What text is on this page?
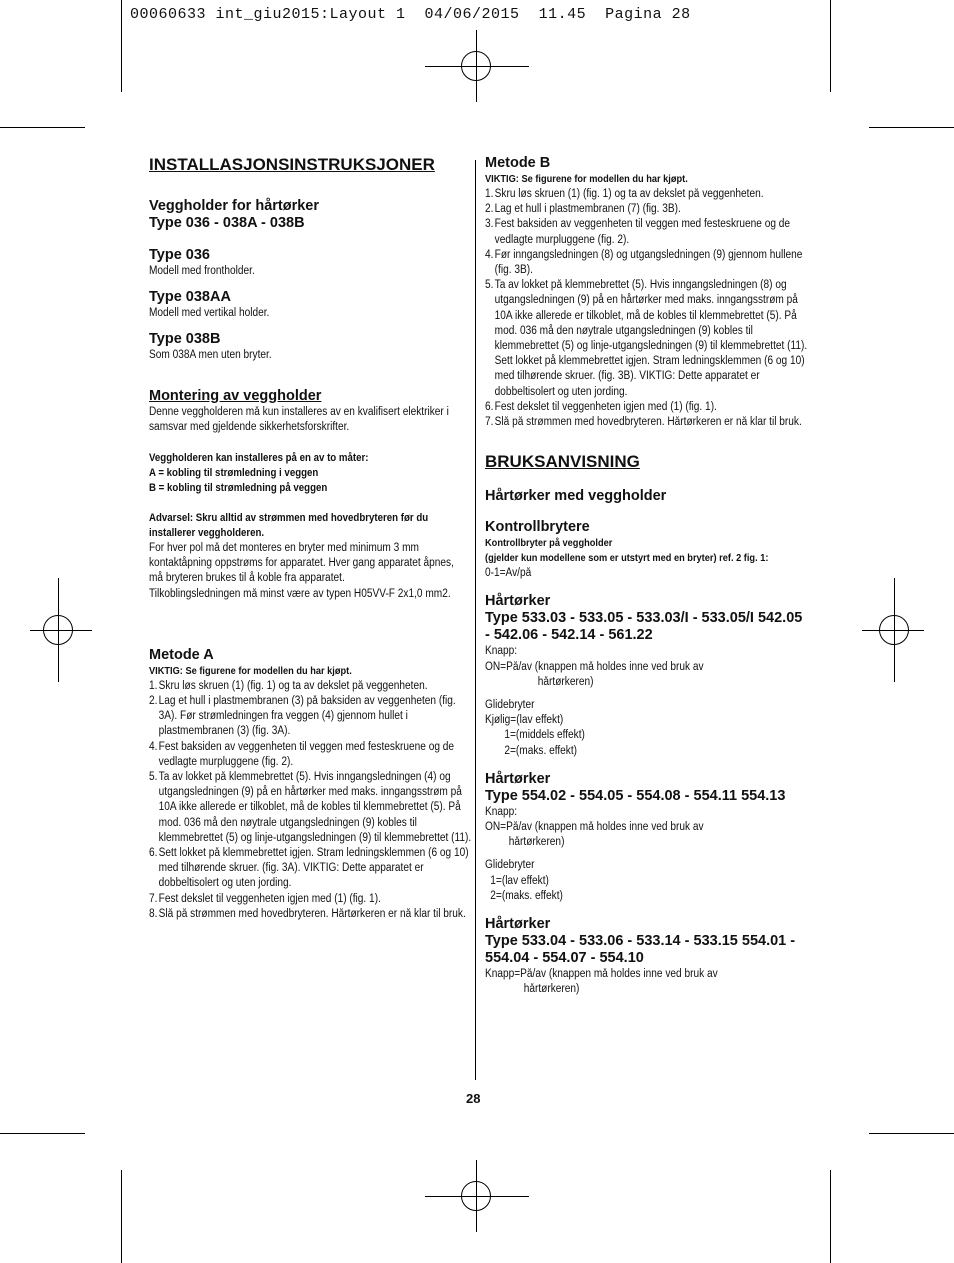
00060633 int_giu2015:Layout 1  04/06/2015  11.45  Pagina 28

INSTALLASJONSINSTRUKSJONER

Veggholder for hårtørker

Type 036 - 038A - 038B

Type 036

Modell med frontholder.

Type 038AA

Modell med vertikal holder.

Type 038B

Som 038A men uten bryter.

Montering av veggholder

Denne veggholderen må kun installeres av en kvalifisert elektriker i samsvar med gjeldende sikkerhetsforskrifter.

Veggholderen kan installeres på en av to måter:

A = kobling til strømledning i veggen

B = kobling til strømledning på veggen

Advarsel: Skru alltid av strømmen med hovedbryteren før du installerer veggholderen.

For hver pol må det monteres en bryter med minimum 3 mm kontaktåpning oppstrøms for apparatet. Hver gang apparatet åpnes, må bryteren brukes til å koble fra apparatet.

Tilkoblingsledningen må minst være av typen H05VV-F 2x1,0 mm2.

Metode A

VIKTIG: Se figurene for modellen du har kjøpt.

1. Skru løs skruen (1) (fig. 1) og ta av dekslet på veggenheten.
2. Lag et hull i plastmembranen (3) på baksiden av veggenheten (fig. 3A). Før strømledningen fra veggen (4) gjennom hullet i plastmembranen (3) (fig. 3A).
4. Fest baksiden av veggenheten til veggen med festeskruene og de vedlagte murpluggene (fig. 2).
5. Ta av lokket på klemmebrettet (5). Hvis inngangsledningen (4) og utgangsledningen (9) på en hårtørker med maks. inngangsstrøm på 10A ikke allerede er tilkoblet, må de kobles til klemmebrettet (5). På mod. 036 må den nøytrale utgangsledningen (9) kobles til klemmebrettet (5) og linje-utgangsledningen (9) til klemmebrettet (11).
6. Sett lokket på klemmebrettet igjen. Stram ledningsklemmen (6 og 10) med tilhørende skruer. (fig. 3A). VIKTIG: Dette apparatet er dobbeltisolert og uten jording.
7. Fest dekslet til veggenheten igjen med (1) (fig. 1).
8. Slå på strømmen med hovedbryteren. Hårtørkeren er nå klar til bruk.

Metode B

VIKTIG: Se figurene for modellen du har kjøpt.

1. Skru løs skruen (1) (fig. 1) og ta av dekslet på veggenheten.
2. Lag et hull i plastmembranen (7) (fig. 3B).
3. Fest baksiden av veggenheten til veggen med festeskruene og de vedlagte murpluggene (fig. 2).
4. Før inngangsledningen (8) og utgangsledningen (9) gjennom hullene (fig. 3B).
5. Ta av lokket på klemmebrettet (5). Hvis inngangsledningen (8) og utgangsledningen (9) på en hårtørker med maks. inngangsstrøm på 10A ikke allerede er tilkoblet, må de kobles til klemmebrettet (5). På mod. 036 må den nøytrale utgangsledningen (9) kobles til klemmebrettet (5) og linje-utgangsledningen (9) til klemmebrettet (11). Sett lokket på klemmebrettet igjen. Stram ledningsklemmen (6 og 10) med tilhørende skruer. (fig. 3B). VIKTIG: Dette apparatet er dobbeltisolert og uten jording.
6. Fest dekslet til veggenheten igjen med (1) (fig. 1).
7. Slå på strømmen med hovedbryteren. Hårtørkeren er nå klar til bruk.

BRUKSANVISNING

Hårtørker med veggholder

Kontrollbrytere

Kontrollbryter på veggholder

(gjelder kun modellene som er utstyrt med en bryter) ref. 2 fig. 1:

0-1=Av/på

Hårtørker

Type 533.03 - 533.05 - 533.03/I - 533.05/I 542.05 - 542.06 - 542.14 - 561.22

Knapp:

ON=På/av (knappen må holdes inne ved bruk av

hårtørkeren)

Glidebryter

Kjølig=(lav effekt)

1=(middels effekt)

2=(maks. effekt)

Hårtørker

Type 554.02 - 554.05 - 554.08 - 554.11 554.13

Knapp:

ON=På/av (knappen må holdes inne ved bruk av

hårtørkeren)

Glidebryter

1=(lav effekt)

2=(maks. effekt)

Hårtørker

Type 533.04 - 533.06 - 533.14 - 533.15 554.01 - 554.04 - 554.07 - 554.10

Knapp=På/av (knappen må holdes inne ved bruk av

hårtørkeren)

28
